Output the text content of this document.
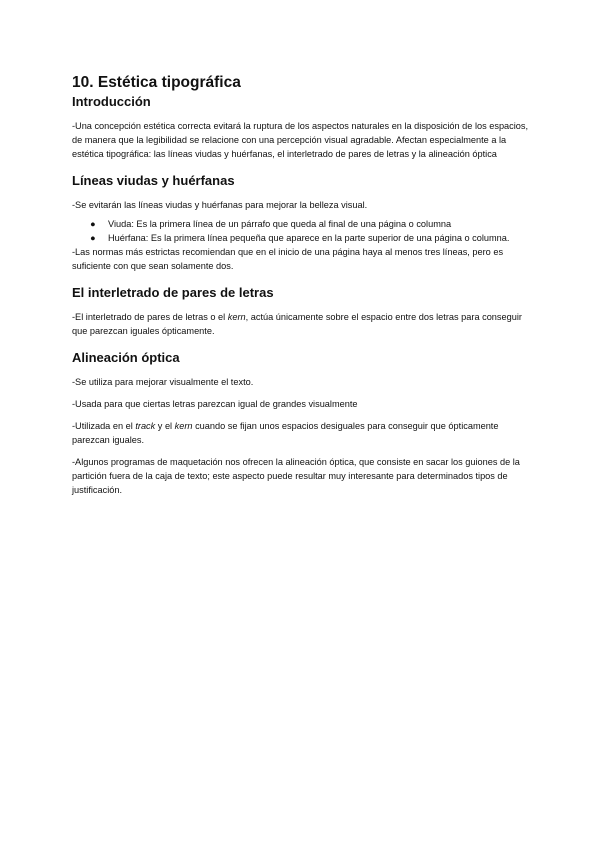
10. Estética tipográfica
Introducción

-Una concepción estética correcta evitará la ruptura de los aspectos naturales en la disposición de los espacios, de manera que la legibilidad se relacione con una percepción visual agradable. Afectan especialmente a la estética tipográfica: las líneas viudas y huérfanas, el interletrado de pares de letras y la alineación óptica

Líneas viudas y huérfanas

-Se evitarán las líneas viudas y huérfanas para mejorar la belleza visual.

● Viuda: Es la primera línea de un párrafo que queda al final de una página o columna
● Huérfana: Es la primera línea pequeña que aparece en la parte superior de una página o columna.

-Las normas más estrictas recomiendan que en el inicio de una página haya al menos tres líneas, pero es suficiente con que sean solamente dos.

El interletrado de pares de letras

-El interletrado de pares de letras o el kern, actúa únicamente sobre el espacio entre dos letras para conseguir que parezcan iguales ópticamente.

Alineación óptica

-Se utiliza para mejorar visualmente el texto.

-Usada para que ciertas letras parezcan igual de grandes visualmente

-Utilizada en el track y el kern cuando se fijan unos espacios desiguales para conseguir que ópticamente parezcan iguales.

-Algunos programas de maquetación nos ofrecen la alineación óptica, que consiste en sacar los guiones de la partición fuera de la caja de texto; este aspecto puede resultar muy interesante para determinados tipos de justificación.
